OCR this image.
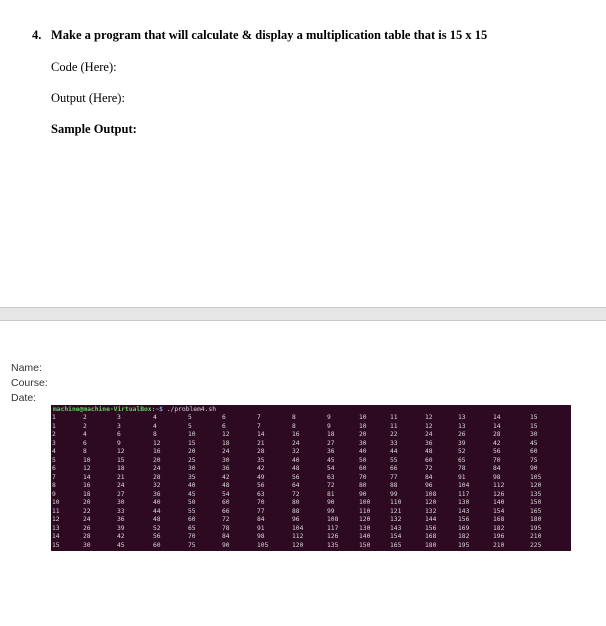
4. Make a program that will calculate & display a multiplication table that is 15 x 15
Code (Here):
Output (Here):
Sample Output:
Name:
Course:
Date:
machine@machine-VirtualBox:~$ ./problem4.sh
1	2	3	4	5	6	7	8	9	10	11	12	13	14	15
1	2	3	4	5	6	7	8	9	10	11	12	13	14	15
2	4	6	8	10	12	14	16	18	20	22	24	26	28	30
3	6	9	12	15	18	21	24	27	30	33	36	39	42	45
4	8	12	16	20	24	28	32	36	40	44	48	52	56	60
5	10	15	20	25	30	35	40	45	50	55	60	65	70	75
6	12	18	24	30	36	42	48	54	60	66	72	78	84	90
7	14	21	28	35	42	49	56	63	70	77	84	91	98	105
8	16	24	32	40	48	56	64	72	80	88	96	104	112	120
9	18	27	36	45	54	63	72	81	90	99	108	117	126	135
10	20	30	40	50	60	70	80	90	100	110	120	130	140	150
11	22	33	44	55	66	77	88	99	110	121	132	143	154	165
12	24	36	48	60	72	84	96	108	120	132	144	156	168	180
13	26	39	52	65	78	91	104	117	130	143	156	169	182	195
14	28	42	56	70	84	98	112	126	140	154	168	182	196	210
15	30	45	60	75	90	105	120	135	150	165	180	195	210	225
